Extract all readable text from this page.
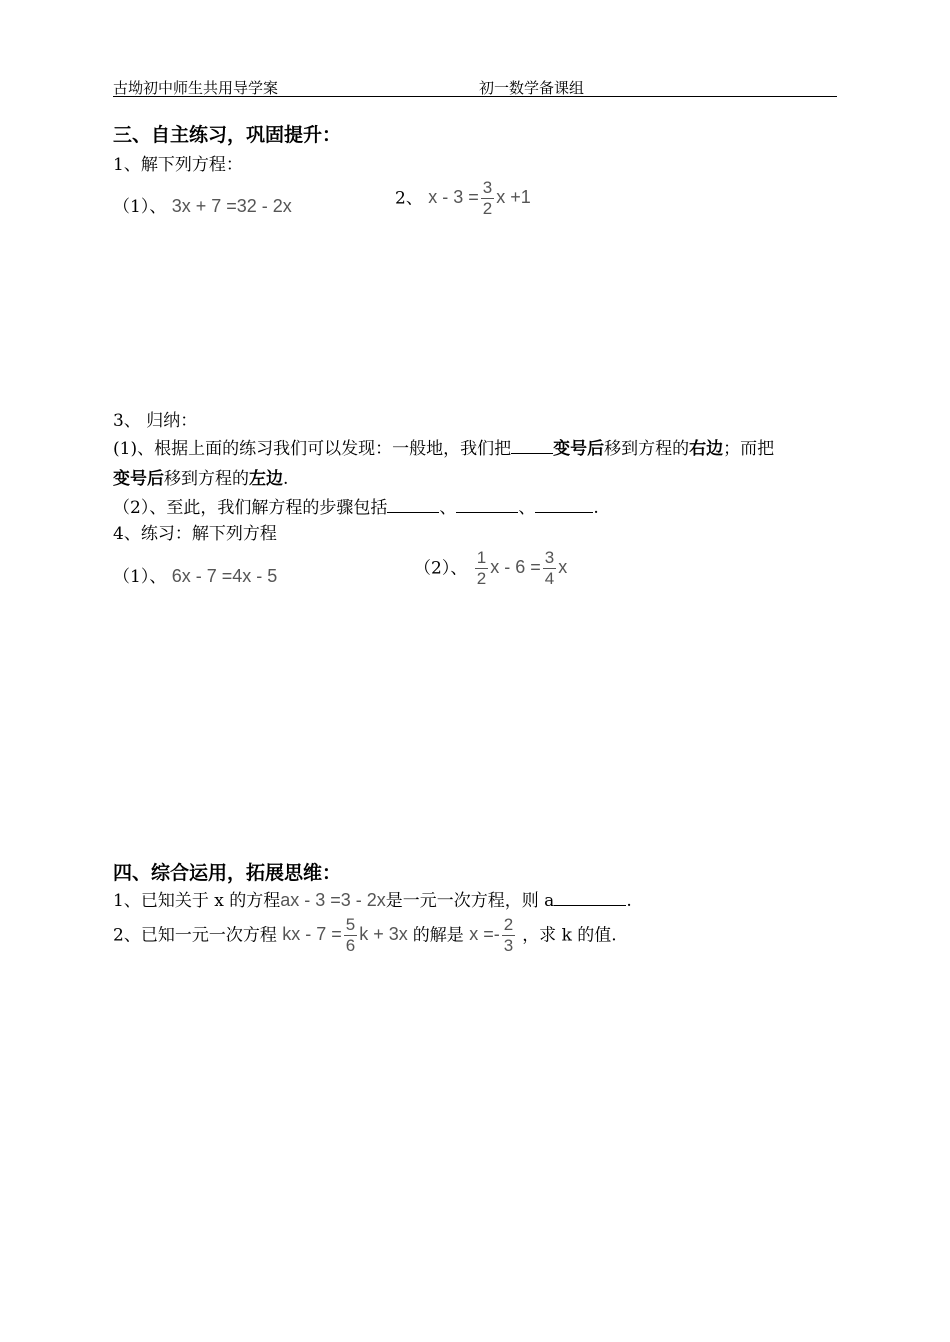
古坳初中师生共用导学案	初一数学备课组
三、自主练习，巩固提升：
1、解下列方程：
（1）、 3x + 7 =32 - 2x	2、 $x - 3 = \frac{3}{2}$ x +1
3、 归纳：
(1)、根据上面的练习我们可以发现：一般地，我们把 变号后移到方程的右边；而把
变号后移到方程的左边.
（2）、至此，我们解方程的步骤包括	、	、	.
4、练习：解下列方程
（1）、 6x - 7 =4x - 5	（2）、 $\frac{1}{2}$ $x - 6 = \frac{3}{4}$ x
四、综合运用，拓展思维：
1、已知关于 x 的方程ax - 3 =3 - 2x是一元一次方程，则 a	.
2、已知一元一次方程 kx - $7 = \frac{5}{6}$ k + 3x 的解是 $x =- \frac{2}{3}$ ，求 k 的值.
